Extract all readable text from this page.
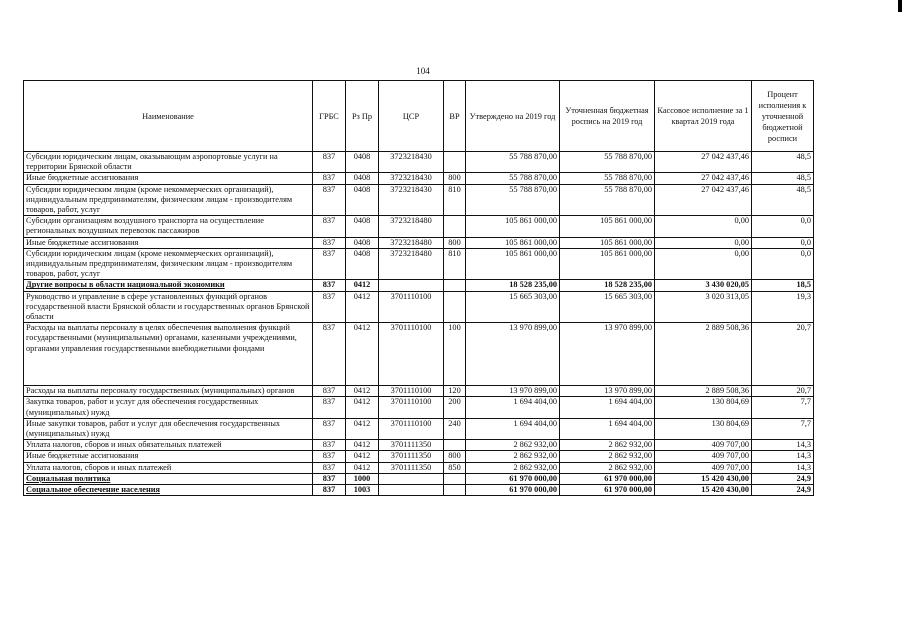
104
Наименование	ГРБС	Рз Пр	ЦСР	ВР	Утверждено на 2019 год	Уточненная бюджетная роспись на 2019 год	Кассовое исполнение за 1 квартал 2019 года	Процент исполнения к уточненной бюджетной росписи
Субсидии юридическим лицам, оказывающим аэропортовые услуги на территории Брянской области	837	0408	3723218430		55 788 870,00	55 788 870,00	27 042 437,46	48,5
Иные бюджетные ассигнования	837	0408	3723218430	800	55 788 870,00	55 788 870,00	27 042 437,46	48,5
Субсидии юридическим лицам (кроме некоммерческих организаций), индивидуальным предпринимателям, физическим лицам - производителям товаров, работ, услуг	837	0408	3723218430	810	55 788 870,00	55 788 870,00	27 042 437,46	48,5
Субсидии организациям воздушного транспорта на осуществление региональных воздушных перевозок пассажиров	837	0408	3723218480		105 861 000,00	105 861 000,00	0,00	0,0
Иные бюджетные ассигнования	837	0408	3723218480	800	105 861 000,00	105 861 000,00	0,00	0,0
Субсидии юридическим лицам (кроме некоммерческих организаций), индивидуальным предпринимателям, физическим лицам - производителям товаров, работ, услуг	837	0408	3723218480	810	105 861 000,00	105 861 000,00	0,00	0,0
Другие вопросы в области национальной экономики	837	0412			18 528 235,00	18 528 235,00	3 430 020,05	18,5
Руководство и управление в сфере установленных функций органов государственной власти Брянской области и государственных органов Брянской области	837	0412	3701110100		15 665 303,00	15 665 303,00	3 020 313,05	19,3
Расходы на выплаты персоналу в целях обеспечения выполнения функций государственными (муниципальными) органами, казенными учреждениями, органами управления государственными внебюджетными фондами	837	0412	3701110100	100	13 970 899,00	13 970 899,00	2 889 508,36	20,7
Расходы на выплаты персоналу государственных (муниципальных) органов	837	0412	3701110100	120	13 970 899,00	13 970 899,00	2 889 508,36	20,7
Закупка товаров, работ и услуг для обеспечения государственных (муниципальных) нужд	837	0412	3701110100	200	1 694 404,00	1 694 404,00	130 804,69	7,7
Иные закупки товаров, работ и услуг для обеспечения государственных (муниципальных) нужд	837	0412	3701110100	240	1 694 404,00	1 694 404,00	130 804,69	7,7
Уплата налогов, сборов и иных обязательных платежей	837	0412	3701111350		2 862 932,00	2 862 932,00	409 707,00	14,3
Иные бюджетные ассигнования	837	0412	3701111350	800	2 862 932,00	2 862 932,00	409 707,00	14,3
Уплата налогов, сборов и иных платежей	837	0412	3701111350	850	2 862 932,00	2 862 932,00	409 707,00	14,3
Социальная политика	837	1000			61 970 000,00	61 970 000,00	15 420 430,00	24,9
Социальное обеспечение населения	837	1003			61 970 000,00	61 970 000,00	15 420 430,00	24,9
